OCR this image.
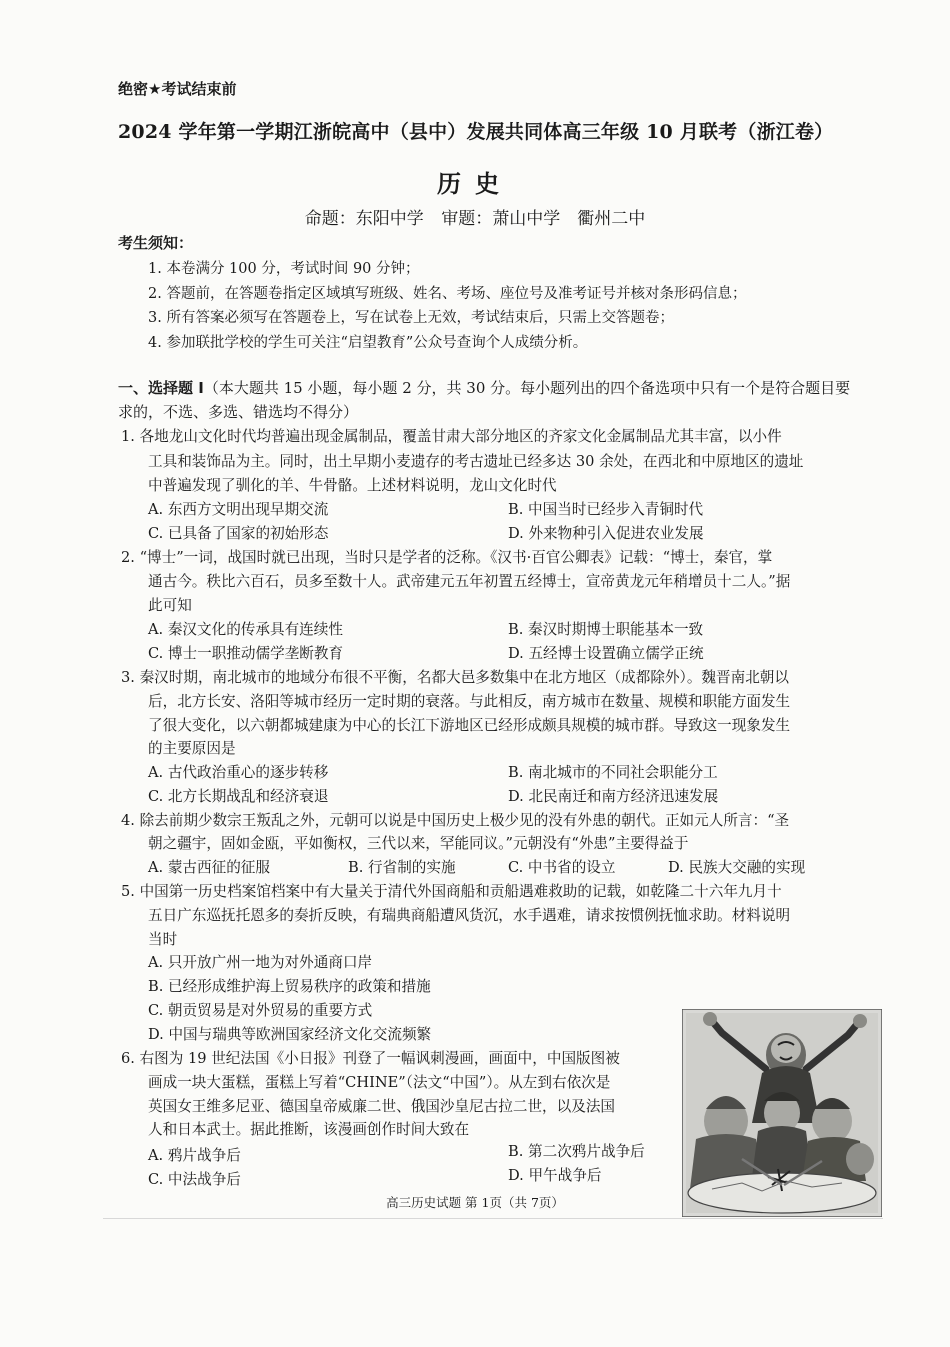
绝密★考试结束前
2024 学年第一学期江浙皖高中（县中）发展共同体高三年级 10 月联考（浙江卷）
历史
命题：东阳中学 审题：萧山中学　衢州二中
考生须知：
1. 本卷满分 100 分，考试时间 90 分钟；
2. 答题前，在答题卷指定区域填写班级、姓名、考场、座位号及准考证号并核对条形码信息；
3. 所有答案必须写在答题卷上，写在试卷上无效，考试结束后，只需上交答题卷；
4. 参加联批学校的学生可关注“启望教育”公众号查询个人成绩分析。
一、选择题 I（本大题共 15 小题，每小题 2 分，共 30 分。每小题列出的四个备选项中只有一个是符合题目要求的，不选、多选、错选均不得分）
1. 各地龙山文化时代均普遍出现金属制品，覆盖甘肃大部分地区的齐家文化金属制品尤其丰富，以小件
工具和装饰品为主。同时，出土早期小麦遗存的考古遗址已经多达 30 余处，在西北和中原地区的遗址
中普遍发现了驯化的羊、牛骨骼。上述材料说明，龙山文化时代
A. 东西方文明出现早期交流	B. 中国当时已经步入青铜时代
C. 已具备了国家的初始形态	D. 外来物种引入促进农业发展
2. “博士”一词，战国时就已出现，当时只是学者的泛称。《汉书·百官公卿表》记载：“博士，秦官，掌
通古今。秩比六百石，员多至数十人。武帝建元五年初置五经博士，宣帝黄龙元年稍增员十二人。”据
此可知
A. 秦汉文化的传承具有连续性	B. 秦汉时期博士职能基本一致
C. 博士一职推动儒学垄断教育	D. 五经博士设置确立儒学正统
3. 秦汉时期，南北城市的地域分布很不平衡，名都大邑多数集中在北方地区（成都除外）。魏晋南北朝以
后，北方长安、洛阳等城市经历一定时期的衰落。与此相反，南方城市在数量、规模和职能方面发生
了很大变化，以六朝都城建康为中心的长江下游地区已经形成颇具规模的城市群。导致这一现象发生
的主要原因是
A. 古代政治重心的逐步转移	B. 南北城市的不同社会职能分工
C. 北方长期战乱和经济衰退	D. 北民南迁和南方经济迅速发展
4. 除去前期少数宗王叛乱之外，元朝可以说是中国历史上极少见的没有外患的朝代。正如元人所言：“圣
朝之疆宇，固如金瓯，平如衡权，三代以来，罕能同议。”元朝没有“外患”主要得益于
A. 蒙古西征的征服	B. 行省制的实施	C. 中书省的设立	D. 民族大交融的实现
5. 中国第一历史档案馆档案中有大量关于清代外国商船和贡船遇难救助的记载，如乾隆二十六年九月十
五日广东巡抚托恩多的奏折反映，有瑞典商船遭风货沉，水手遇难，请求按惯例抚恤求助。材料说明
当时
A. 只开放广州一地为对外通商口岸
B. 已经形成维护海上贸易秩序的政策和措施
C. 朝贡贸易是对外贸易的重要方式
D. 中国与瑞典等欧洲国家经济文化交流频繁
6. 右图为 19 世纪法国《小日报》刊登了一幅讽刺漫画，画面中，中国版图被
画成一块大蛋糕，蛋糕上写着“CHINE”（法文“中国”）。从左到右依次是
英国女王维多尼亚、德国皇帝威廉二世、俄国沙皇尼古拉二世，以及法国
人和日本武士。据此推断，该漫画创作时间大致在
A. 鸦片战争后	B. 第二次鸦片战争后
C. 中法战争后	D. 甲午战争后
高三历史试题 第 1页（共 7页）
